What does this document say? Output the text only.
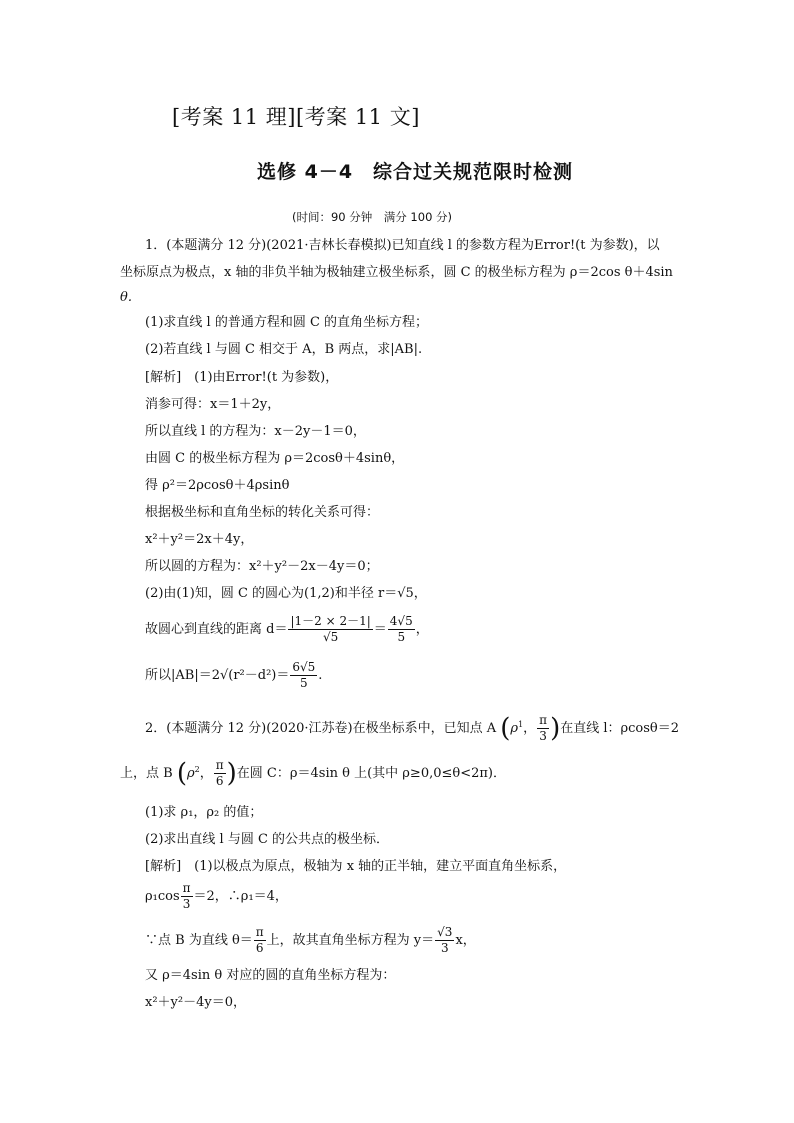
[考案 11 理][考案 11 文]
选修 4－4　综合过关规范限时检测
(时间：90 分钟　满分 100 分)
1．(本题满分 12 分)(2021·吉林长春模拟)已知直线 l 的参数方程为Error!(t 为参数)，以
坐标原点为极点，x 轴的非负半轴为极轴建立极坐标系，圆 C 的极坐标方程为 ρ＝2cos θ＋4sin
θ.
(1)求直线 l 的普通方程和圆 C 的直角坐标方程；
(2)若直线 l 与圆 C 相交于 A，B 两点，求|AB|.
[解析]　(1)由Error!(t 为参数)，
消参可得：x＝1＋2y，
所以直线 l 的方程为：x－2y－1＝0，
由圆 C 的极坐标方程为 ρ＝2cosθ＋4sinθ，
得 ρ²＝2ρcosθ＋4ρsinθ
根据极坐标和直角坐标的转化关系可得：
x²＋y²＝2x＋4y，
所以圆的方程为：x²＋y²－2x－4y＝0；
(2)由(1)知，圆 C 的圆心为(1,2)和半径 r＝√5，
故圆心到直线的距离 $d= \frac{|1-2 \times 2-1|}{√5} = \frac{4√5}{5}$ ，
所以$|AB|=2√(r^2-d^2)= \frac{6√5}{5}$ .
2．(本题满分 12 分)(2020·江苏卷)在极坐标系中，已知点 A ($\rho^1$， $\frac{\pi}{3}$ )在直线 l：ρcosθ＝2
上，点 B ($\rho^2$， $\frac{\pi}{6}$ )在圆 C：ρ＝4sin θ 上(其中 ρ≥0,0≤θ<2π)．
(1)求 ρ₁，ρ₂ 的值；
(2)求出直线 l 与圆 C 的公共点的极坐标．
[解析]　(1)以极点为原点，极轴为 x 轴的正半轴，建立平面直角坐标系，
$\rho_1\cos \frac{\pi}{3} =2$，∴ρ₁＝4，
∵点 B 为直线 $\theta= \frac{\pi}{6}$ 上，故其直角坐标方程为 $y= \frac{√3}{3}$ x，
又 ρ＝4sin θ 对应的圆的直角坐标方程为：
x²＋y²－4y＝0，
